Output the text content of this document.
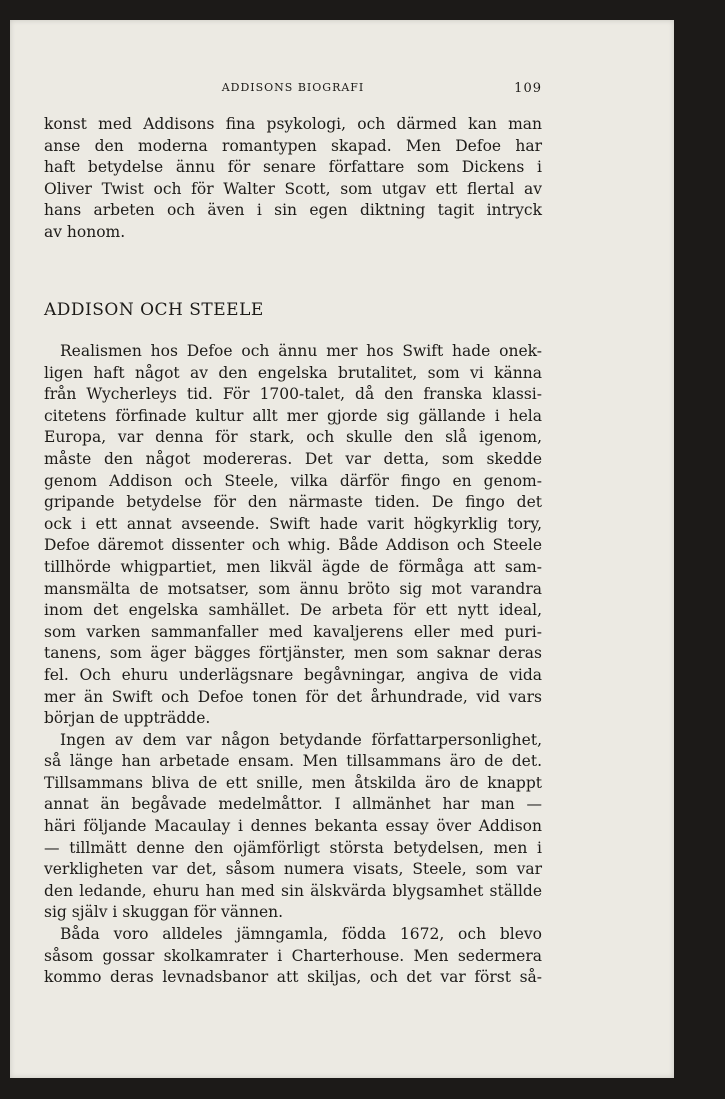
ADDISONS BIOGRAFI	109

konst med Addisons fina psykologi, och därmed kan man
anse den moderna romantypen skapad. Men Defoe har
haft betydelse ännu för senare författare som Dickens i
Oliver Twist och för Walter Scott, som utgav ett flertal av
hans arbeten och även i sin egen diktning tagit intryck
av honom.

ADDISON OCH STEELE

Realismen hos Defoe och ännu mer hos Swift hade onek-
ligen haft något av den engelska brutalitet, som vi känna
från Wycherleys tid. För 1700-talet, då den franska klassi-
citetens förfinade kultur allt mer gjorde sig gällande i hela
Europa, var denna för stark, och skulle den slå igenom,
måste den något modereras. Det var detta, som skedde
genom Addison och Steele, vilka därför fingo en genom-
gripande betydelse för den närmaste tiden. De fingo det
ock i ett annat avseende. Swift hade varit högkyrklig tory,
Defoe däremot dissenter och whig. Både Addison och Steele
tillhörde whigpartiet, men likväl ägde de förmåga att sam-
mansmälta de motsatser, som ännu bröto sig mot varandra
inom det engelska samhället. De arbeta för ett nytt ideal,
som varken sammanfaller med kavaljerens eller med puri-
tanens, som äger bägges förtjänster, men som saknar deras
fel. Och ehuru underlägsnare begåvningar, angiva de vida
mer än Swift och Defoe tonen för det århundrade, vid vars
början de uppträdde.
Ingen av dem var någon betydande författarpersonlighet,
så länge han arbetade ensam. Men tillsammans äro de det.
Tillsammans bliva de ett snille, men åtskilda äro de knappt
annat än begåvade medelmåttor. I allmänhet har man —
häri följande Macaulay i dennes bekanta essay över Addison
— tillmätt denne den ojämförligt största betydelsen, men i
verkligheten var det, såsom numera visats, Steele, som var
den ledande, ehuru han med sin älskvärda blygsamhet ställde
sig själv i skuggan för vännen.
Båda voro alldeles jämngamla, födda 1672, och blevo
såsom gossar skolkamrater i Charterhouse. Men sedermera
kommo deras levnadsbanor att skiljas, och det var först så-
